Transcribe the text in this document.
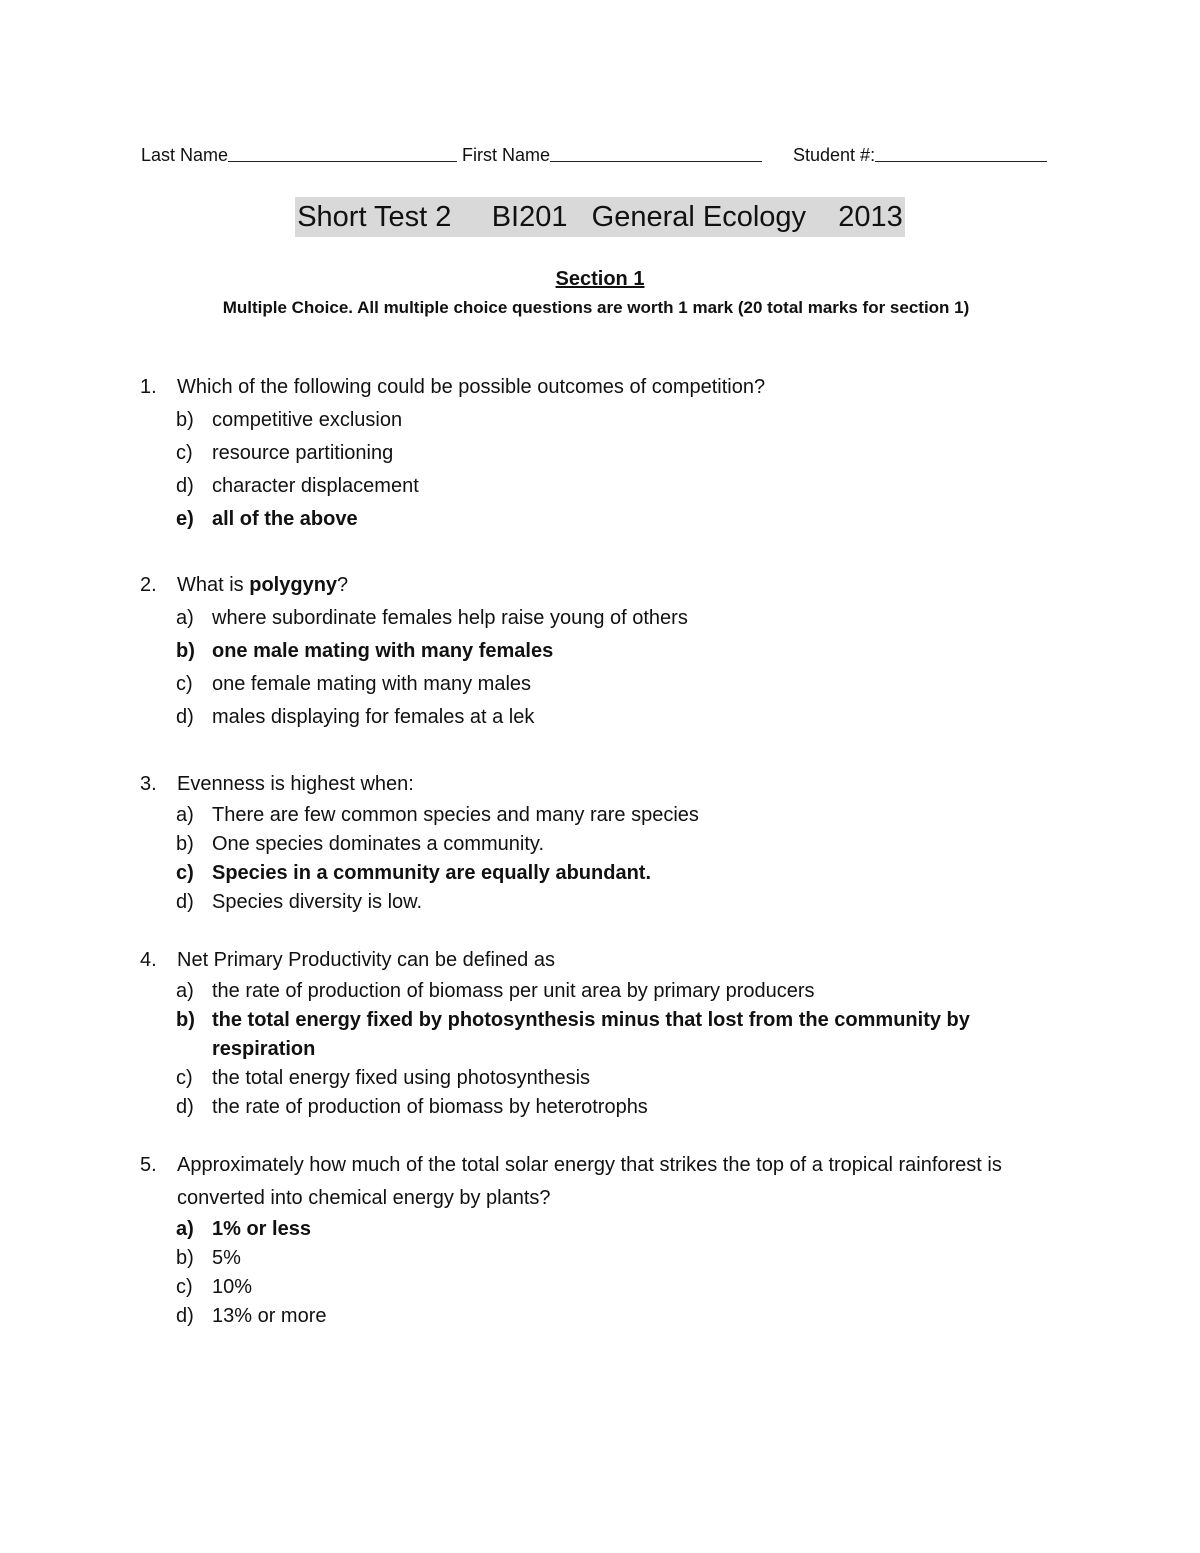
Last Name	First Name	Student #:
Short Test 2     BI201   General Ecology    2013
Section 1
Multiple Choice. All multiple choice questions are worth 1 mark (20 total marks for section 1)
1. Which of the following could be possible outcomes of competition?
b) competitive exclusion
c) resource partitioning
d) character displacement
e) all of the above
2. What is polygyny?
a) where subordinate females help raise young of others
b) one male mating with many females
c) one female mating with many males
d) males displaying for females at a lek
3. Evenness is highest when:
a) There are few common species and many rare species
b) One species dominates a community.
c) Species in a community are equally abundant.
d) Species diversity is low.
4. Net Primary Productivity can be defined as
a) the rate of production of biomass per unit area by primary producers
b) the total energy fixed by photosynthesis minus that lost from the community by respiration
c) the total energy fixed using photosynthesis
d) the rate of production of biomass by heterotrophs
5. Approximately how much of the total solar energy that strikes the top of a tropical rainforest is converted into chemical energy by plants?
a) 1% or less
b) 5%
c) 10%
d) 13% or more
